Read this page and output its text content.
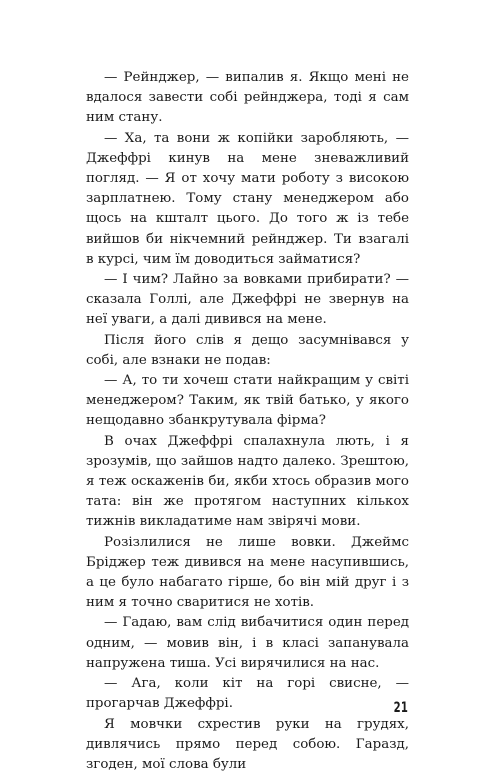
— Рейнджер, — випалив я. Якщо мені не вдалося завести собі рейнджера, тоді я сам ним стану.

— Ха, та вони ж копійки заробляють, — Джеффрі кинув на мене зневажливий погляд. — Я от хочу мати роботу з високою зарплатнею. Тому стану менеджером або щось на кшталт цього. До того ж із тебе вийшов би нікчемний рейнджер. Ти взагалі в курсі, чим їм доводиться займатися?

— І чим? Лайно за вовками прибирати? — сказала Голлі, але Джеффрі не звернув на неї уваги, а далі дивився на мене.

Після його слів я дещо засумнівався у собі, але взнаки не подав:

— А, то ти хочеш стати найкращим у світі менеджером? Таким, як твій батько, у якого нещодавно збанкрутувала фірма?

В очах Джеффрі спалахнула лють, і я зрозумів, що зайшов надто далеко. Зрештою, я теж оскаженів би, якби хтось образив мого тата: він же протягом наступних кількох тижнів викладатиме нам звірячі мови.

Розізлилися не лише вовки. Джеймс Бріджер теж дивився на мене насупившись, а це було набагато гірше, бо він мій друг і з ним я точно сваритися не хотів.

— Гадаю, вам слід вибачитися один перед одним, — мовив він, і в класі запанувала напружена тиша. Усі вирячилися на нас.

— Ага, коли кіт на горі свисне, — прогарчав Джеффрі.

Я мовчки схрестив руки на грудях, дивлячись прямо перед собою. Гаразд, згоден, мої слова були

21
